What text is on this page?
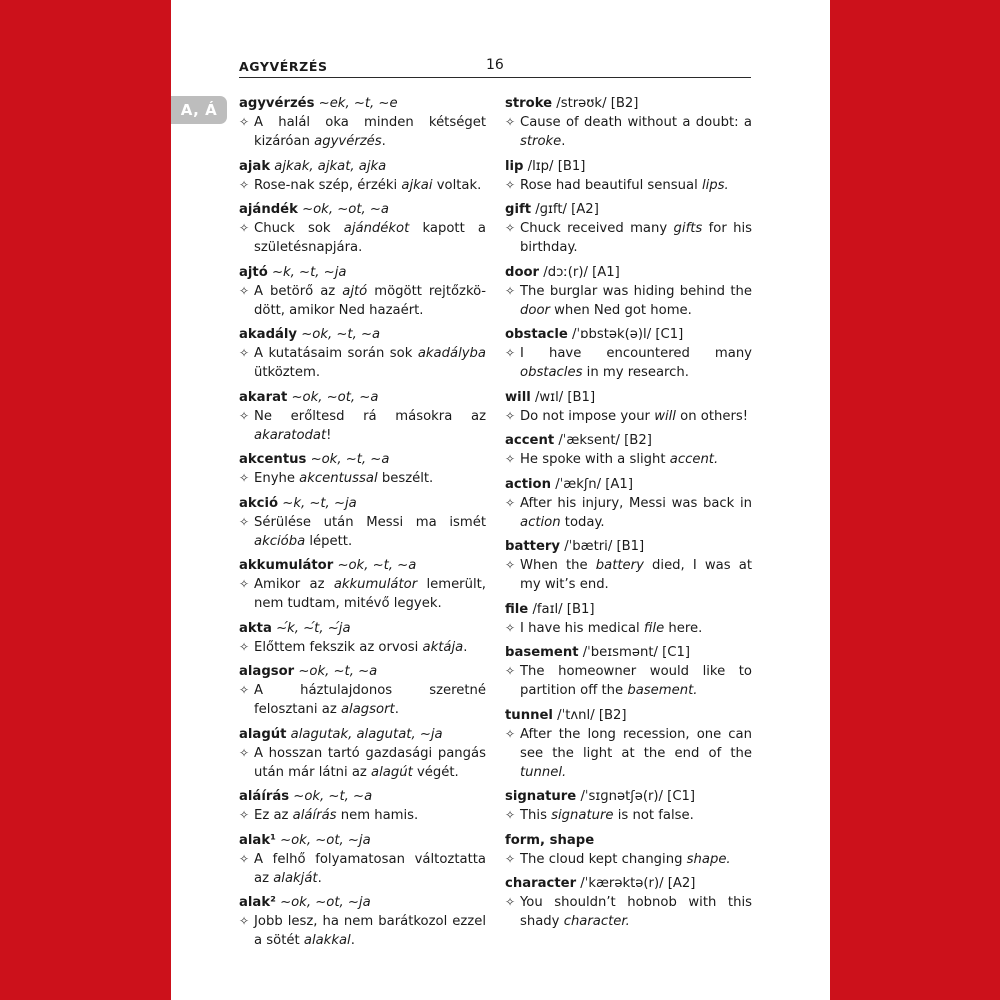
AGYVÉRZÉS	16
A, Á	agyvérzés ~ek, ~t, ~e
✧ A halál oka minden kétséget kizáróan agyvérzés.
ajak ajkak, ajkat, ajka
✧ Rose-nak szép, érzéki ajkai voltak.
ajándék ~ok, ~ot, ~a
✧ Chuck sok ajándékot kapott a születésnapjára.
ajtó ~k, ~t, ~ja
✧ A betörő az ajtó mögött rejtőzködött, amikor Ned hazaért.
akadály ~ok, ~t, ~a
✧ A kutatásaim során sok akadályba ütköztem.
akarat ~ok, ~ot, ~a
✧ Ne erőltesd rá másokra az akaratodat!
akcentus ~ok, ~t, ~a
✧ Enyhe akcentussal beszélt.
akció ~k, ~t, ~ja
✧ Sérülése után Messi ma ismét akcióba lépett.
akkumulátor ~ok, ~t, ~a
✧ Amikor az akkumulátor lemerült, nem tudtam, mitévő legyek.
akta ~́k, ~́t, ~́ja
✧ Előttem fekszik az orvosi aktája.
alagsor ~ok, ~t, ~a
✧ A háztulajdonos szeretné felosztani az alagsort.
alagút alagutak, alagutat, ~ja
✧ A hosszan tartó gazdasági pangás után már látni az alagút végét.
aláírás ~ok, ~t, ~a
✧ Ez az aláírás nem hamis.
alak¹ ~ok, ~ot, ~ja
✧ A felhő folyamatosan változtatta az alakját.
alak² ~ok, ~ot, ~ja
✧ Jobb lesz, ha nem barátkozol ezzel a sötét alakkal.
stroke /strəʊk/ [B2]
✧ Cause of death without a doubt: a stroke.
lip /lɪp/ [B1]
✧ Rose had beautiful sensual lips.
gift /ɡɪft/ [A2]
✧ Chuck received many gifts for his birthday.
door /dɔː(r)/ [A1]
✧ The burglar was hiding behind the door when Ned got home.
obstacle /ˈɒbstək(ə)l/ [C1]
✧ I have encountered many obstacles in my research.
will /wɪl/ [B1]
✧ Do not impose your will on others!
accent /ˈæksent/ [B2]
✧ He spoke with a slight accent.
action /ˈækʃn/ [A1]
✧ After his injury, Messi was back in action today.
battery /ˈbætri/ [B1]
✧ When the battery died, I was at my wit’s end.
file /faɪl/ [B1]
✧ I have his medical file here.
basement /ˈbeɪsmənt/ [C1]
✧ The homeowner would like to partition off the basement.
tunnel /ˈtʌnl/ [B2]
✧ After the long recession, one can see the light at the end of the tunnel.
signature /ˈsɪɡnətʃə(r)/ [C1]
✧ This signature is not false.
form, shape
✧ The cloud kept changing shape.
character /ˈkærəktə(r)/ [A2]
✧ You shouldn’t hobnob with this shady character.
